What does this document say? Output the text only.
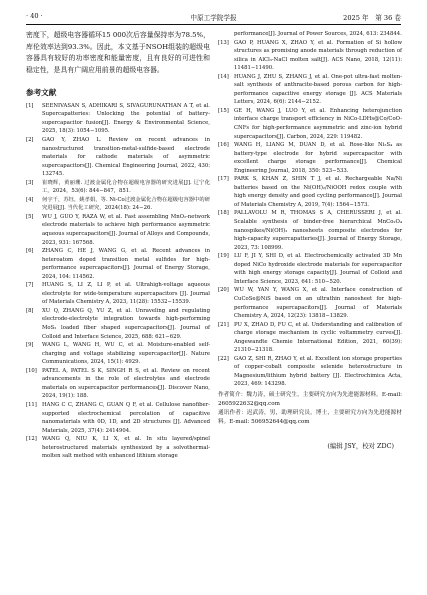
· 40 ·	中原工学院学报	2025 年　第 36 卷

密度下，超级电容器循环15 000次后容量保持率为78.5%，库伦效率达到93.3%。因此，本文基于NSOH组装的超级电容器具有较好的功率密度和能量密度，且有良好的可进性和稳定性，是具有广阔应用前景的超级电容器。

参考文献
[1] SEENIVASAN S, ADHIKARI S, SIVAGURUNATHAN A T, et al. Supercapatteries: Unlocking the potential of battery-supercapacitor fusion[J]. Energy & Environmental Science, 2025, 18(3): 1054−1095.
[2] GAO Y, ZHAO L. Review on recent advances in nanostructured transition-metal-sulfide-based electrode materials for cathode materials of asymmetric supercapacitors[J]. Chemical Engineering Journal, 2022, 430: 132745.
[3] 崔晓辉，黄丽珊. 过渡金属化合物在超级电容器的研究进展[J]. 辽宁化工，2024，53(6): 844−847，851.
[4] 何宇千，苏钰，姚孝娟，等. Ni-Co过渡金属化合物在超级电容器中的研究进展[J]. 当代化工研究，2024(18): 24−26.
[5] WU J, GUO Y, RAZA W, et al. Fast assembling MnO₂-network electrode materials to achieve high performance asymmetric aqueous supercapacitors[J]. Journal of Alloys and Compounds, 2023, 931: 167568.
[6] ZHANG C, HE J, WANG G, et al. Recent advances in heteroatom doped transition metal sulfides for high-performance supercapacitors[J]. Journal of Energy Storage, 2024, 104: 114562.
[7] HUANG S, LI Z, LI P, et al. Ultrahigh-voltage aqueous electrolyte for wide-temperature supercapacitors [J]. Journal of Materials Chemistry A, 2023, 11(28): 15532−15539.
[8] XU Q, ZHANG Q, YU Z, et al. Unraveling and regulating electrode-electrolyte integration towards high-performing MoS₂ loaded fiber shaped supercapacitors[J]. Journal of Colloid and Interface Science, 2025, 688: 621−629.
[9] WANG L, WANG H, WU C, et al. Moisture-enabled self-charging and voltage stabilizing supercapacitor[J]. Nature Communications, 2024, 15(1): 4929.
[10] PATEL A, PATEL S K, SINGH R S, et al. Review on recent advancements in the role of electrolytes and electrode materials on supercapacitor performances[J]. Discover Nano, 2024, 19(1): 188.
[11] HANG C C, ZHANG C, GUAN Q F, et al. Cellulose nanofiber-supported electrochemical percolation of capacitive nanomaterials with 0D, 1D, and 2D structures [J]. Advanced Materials, 2025, 37(4): 2414904.
[12] WANG Q, NIU K, LI X, et al. In situ layered/spinel heterostructured materials synthesized by a solvothermal-molten salt method with enhanced lithium storage
performance[J]. Journal of Power Sources, 2024, 613: 234844.
[13] GAO P, HUANG X, ZHAO Y, et al. Formation of Si hollow structures as promising anode materials through reduction of silica in AlCl₃-NaCl molten salt[J]. ACS Nano, 2018, 12(11): 11481−11490.
[14] HUANG J, ZHU S, ZHANG J, et al. One-pot ultra-fast molten-salt synthesis of anthracite-based porous carbon for high-performance capacitive energy storage [J]. ACS Materials Letters, 2024, 6(6): 2144−2152.
[15] GE H, WANG J, LUO Y, et al. Enhancing heterojunction interface charge transport efficiency in NiCo-LDHs@Co/CoO-CNFs for high-performance asymmetric and zinc-ion hybrid supercapacitors[J]. Carbon, 2024, 229: 119482.
[16] WANG H, LIANG M, DUAN D, et al. Rose-like Ni₃S₄ as battery-type electrode for hybrid supercapacitor with excellent charge storage performance[J]. Chemical Engineering Journal, 2018, 350: 523−533.
[17] PARK S, KHAN Z, SHIN T J, et al. Rechargeable Na/Ni batteries based on the Ni(OH)₂/NiOOH redox couple with high energy density and good cycling performance[J]. Journal of Materials Chemistry A, 2019, 7(4): 1564−1573.
[18] PALLAVOLU M R, THOMAS S A, CHERUSSERI J, et al. Scalable synthesis of binder-free hierarchical MnCo₂O₄ nanospikes/Ni(OH)₂ nanosheets composite electrodes for high-capacity supercapatteries[J]. Journal of Energy Storage, 2023, 73: 108999.
[19] LU F, JI Y, SHI D, et al. Electrochemically activated 3D Mn doped NiCo hydroxide electrode materials for supercapacitor with high energy storage capacity[J]. Journal of Colloid and Interface Science, 2023, 641: 510−520.
[20] WU W, YAN Y, WANG X, et al. Interface construction of CuCoSe@NiS based on an ultrathin nanosheet for high-performance supercapacitors[J]. Journal of Materials Chemistry A, 2024, 12(23): 13818−13829.
[21] PU X, ZHAO D, FU C, et al. Understanding and calibration of charge storage mechanism in cyclic voltammetry curves[J]. Angewandte Chemie International Edition, 2021, 60(39): 21310−21318.
[22] GAO Z, SHI R, ZHAO Y, et al. Excellent ion storage properties of copper-cobalt composite selenide heterostructure in Magnesium/lithium hybrid battery [J]. Electrochimica Acta, 2023, 469: 143298.

作者简介：魏力涛，硕士研究生，主要研究方向为先进能源材料。E-mail: 2605922632@qq.com
通讯作者：迟武涛，男，助理研究员，博士，主要研究方向为先进能源材料。E-mail: 506952644@qq.com

(编辑 JSY，校对 ZDC)
